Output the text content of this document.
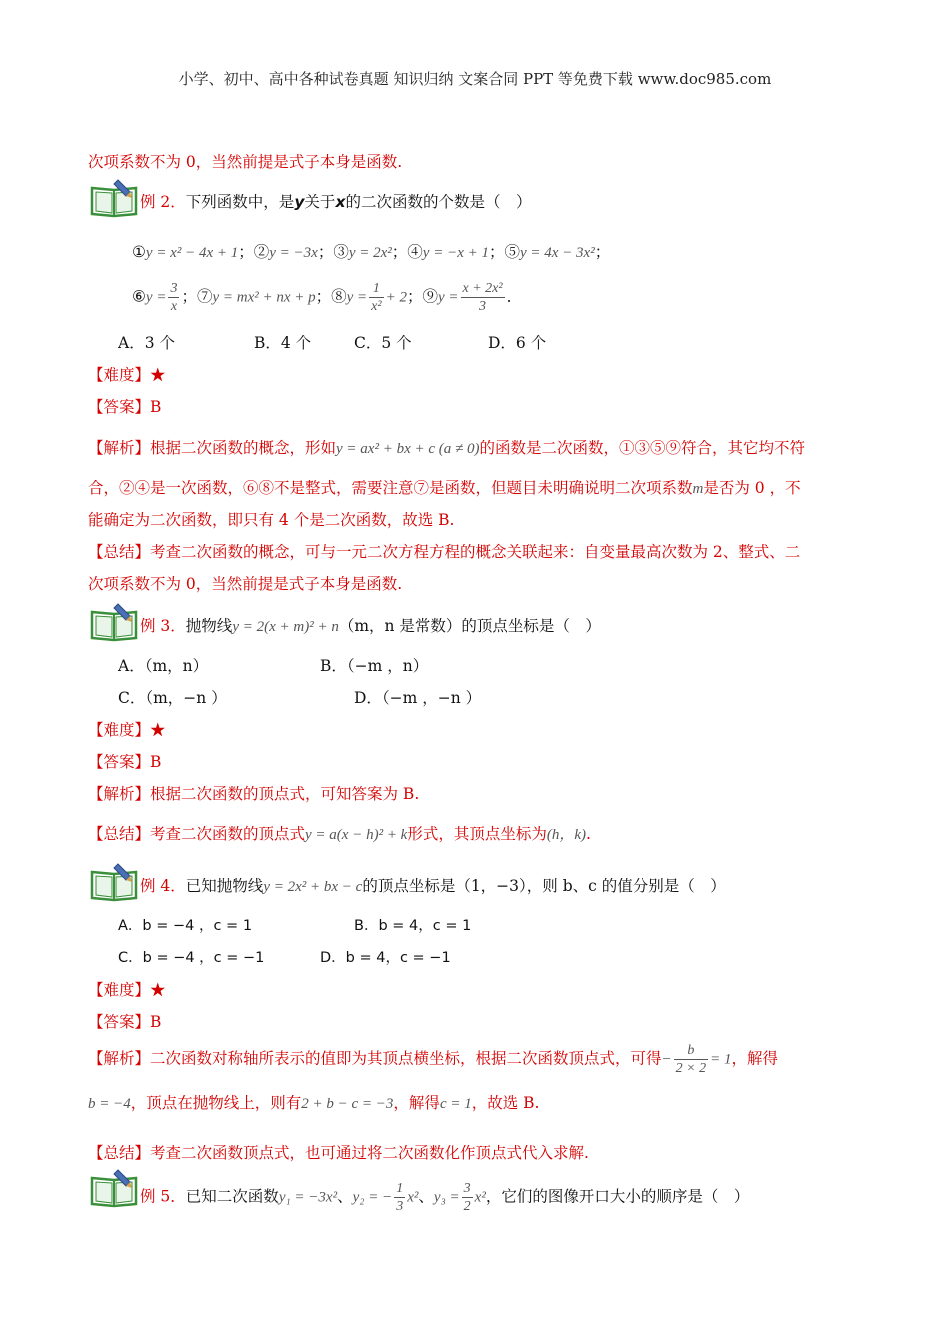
小学、初中、高中各种试卷真题 知识归纳 文案合同 PPT 等免费下载 www.doc985.com
次项系数不为 0，当然前提是式子本身是函数.
例 2．下列函数中，是y关于x的二次函数的个数是（　）
①y = x² − 4x + 1；②y = −3x；③y = 2x²；④y = −x + 1；⑤y = 4x − 3x²；
⑥y = $\frac{3}{x}$ ；⑦y = mx² + nx + p；⑧y = $\frac{1}{\text{x²}} + 2$；⑨y = $\frac{\text{x + 2x²}}{3}$ ．
A．3 个	B．4 个	C．5 个	D．6 个
【难度】★
【答案】B
【解析】根据二次函数的概念，形如y = ax² + bx + c (a ≠ 0)的函数是二次函数，①③⑤⑨符合，其它均不符
合，②④是一次函数，⑥⑧不是整式，需要注意⑦是函数，但题目未明确说明二次项系数m是否为 0 ，不
能确定为二次函数，即只有 4 个是二次函数，故选 B.
【总结】考查二次函数的概念，可与一元二次方程方程的概念关联起来：自变量最高次数为 2、整式、二
次项系数不为 0，当然前提是式子本身是函数.
例 3．抛物线y = 2(x + m)² + n（m，n 是常数）的顶点坐标是（　）
A．（m，n）	B．（−m ，n）
C．（m，−n ）	D．（−m ，−n ）
【难度】★
【答案】B
【解析】根据二次函数的顶点式，可知答案为 B.
【总结】考查二次函数的顶点式y = a(x − h)² + k形式，其顶点坐标为(h，k).
例 4．已知抛物线y = 2x² + bx − c的顶点坐标是（1，−3），则 b、c 的值分别是（　）
A．b = −4 ，c = 1	B．b = 4，c = 1
C．b = −4 ，c = −1	D．b = 4，c = −1
【难度】★
【答案】B
【解析】二次函数对称轴所表示的值即为其顶点横坐标，根据二次函数顶点式，可得− $\frac{b}{2 \times 2} = 1$，解得
b = −4，顶点在抛物线上，则有2 + b − c = −3，解得c = 1，故选 B.
【总结】考查二次函数顶点式，也可通过将二次函数化作顶点式代入求解.
例 5．已知二次函数y₁ = −3x²、y₂ = − $\frac{1}{3} x^2$、$y_3 = \frac{3}{2} x^2$，它们的图像开口大小的顺序是（　）
